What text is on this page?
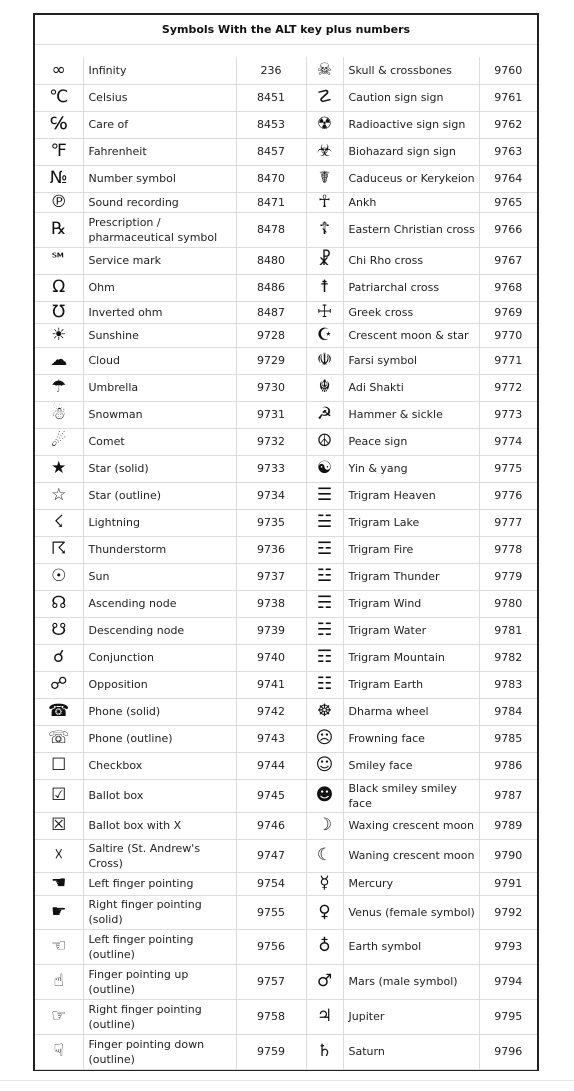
Symbols With the ALT key plus numbers
∞	Infinity	236	☠	Skull & crossbones	9760
℃	Celsius	8451	☡	Caution sign sign	9761
℅	Care of	8453	☢	Radioactive sign sign	9762
℉	Fahrenheit	8457	☣	Biohazard sign sign	9763
№	Number symbol	8470	☤	Caduceus or Kerykeion	9764
℗	Sound recording	8471	☥	Ankh	9765
℞	Prescription / pharmaceutical symbol	8478	☦	Eastern Christian cross	9766
℠	Service mark	8480	☧	Chi Rho cross	9767
Ω	Ohm	8486	☨	Patriarchal cross	9768
℧	Inverted ohm	8487	☩	Greek cross	9769
☀	Sunshine	9728	☪	Crescent moon & star	9770
☁	Cloud	9729	☫	Farsi symbol	9771
☂	Umbrella	9730	☬	Adi Shakti	9772
☃	Snowman	9731	☭	Hammer & sickle	9773
☄	Comet	9732	☮	Peace sign	9774
★	Star (solid)	9733	☯	Yin & yang	9775
☆	Star (outline)	9734	☰	Trigram Heaven	9776
☇	Lightning	9735	☱	Trigram Lake	9777
☈	Thunderstorm	9736	☲	Trigram Fire	9778
☉	Sun	9737	☳	Trigram Thunder	9779
☊	Ascending node	9738	☴	Trigram Wind	9780
☋	Descending node	9739	☵	Trigram Water	9781
☌	Conjunction	9740	☶	Trigram Mountain	9782
☍	Opposition	9741	☷	Trigram Earth	9783
☎	Phone (solid)	9742	☸	Dharma wheel	9784
☏	Phone (outline)	9743	☹	Frowning face	9785
☐	Checkbox	9744	☺	Smiley face	9786
☑	Ballot box	9745	☻	Black smiley smiley face	9787
☒	Ballot box with X	9746	☽	Waxing crescent moon	9789
☓	Saltire (St. Andrew's Cross)	9747	☾	Waning crescent moon	9790
☚	Left finger pointing	9754	☿	Mercury	9791
☛	Right finger pointing (solid)	9755	♀	Venus (female symbol)	9792
☜	Left finger pointing (outline)	9756	♁	Earth symbol	9793
☝	Finger pointing up (outline)	9757	♂	Mars (male symbol)	9794
☞	Right finger pointing (outline)	9758	♃	Jupiter	9795
☟	Finger pointing down (outline)	9759	♄	Saturn	9796
